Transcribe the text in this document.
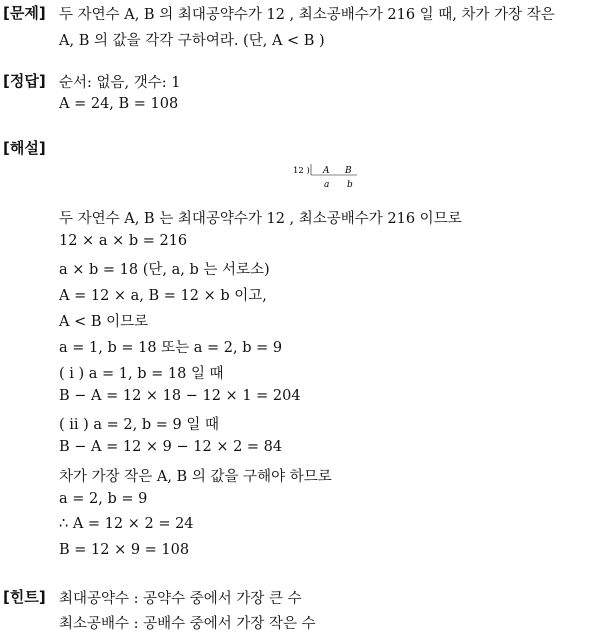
[문제] 두 자연수 A, B 의 최대공약수가 12 , 최소공배수가 216 일 때, 차가 가장 작은
A, B 의 값을 각각 구하여라. (단, A < B )
[정답] 순서: 없음, 갯수: 1
A = 24, B = 108
[해설]
12 ) A B
a b
두 자연수 A, B 는 최대공약수가 12 , 최소공배수가 216 이므로
12 × a × b = 216
a × b = 18 (단, a, b 는 서로소)
A = 12 × a, B = 12 × b 이고,
A < B 이므로
a = 1, b = 18 또는 a = 2, b = 9
( i ) a = 1, b = 18 일 때
B − A = 12 × 18 − 12 × 1 = 204
( ii ) a = 2, b = 9 일 때
B − A = 12 × 9 − 12 × 2 = 84
차가 가장 작은 A, B 의 값을 구해야 하므로
a = 2, b = 9
∴ A = 12 × 2 = 24
B = 12 × 9 = 108
[힌트] 최대공약수 : 공약수 중에서 가장 큰 수
최소공배수 : 공배수 중에서 가장 작은 수
